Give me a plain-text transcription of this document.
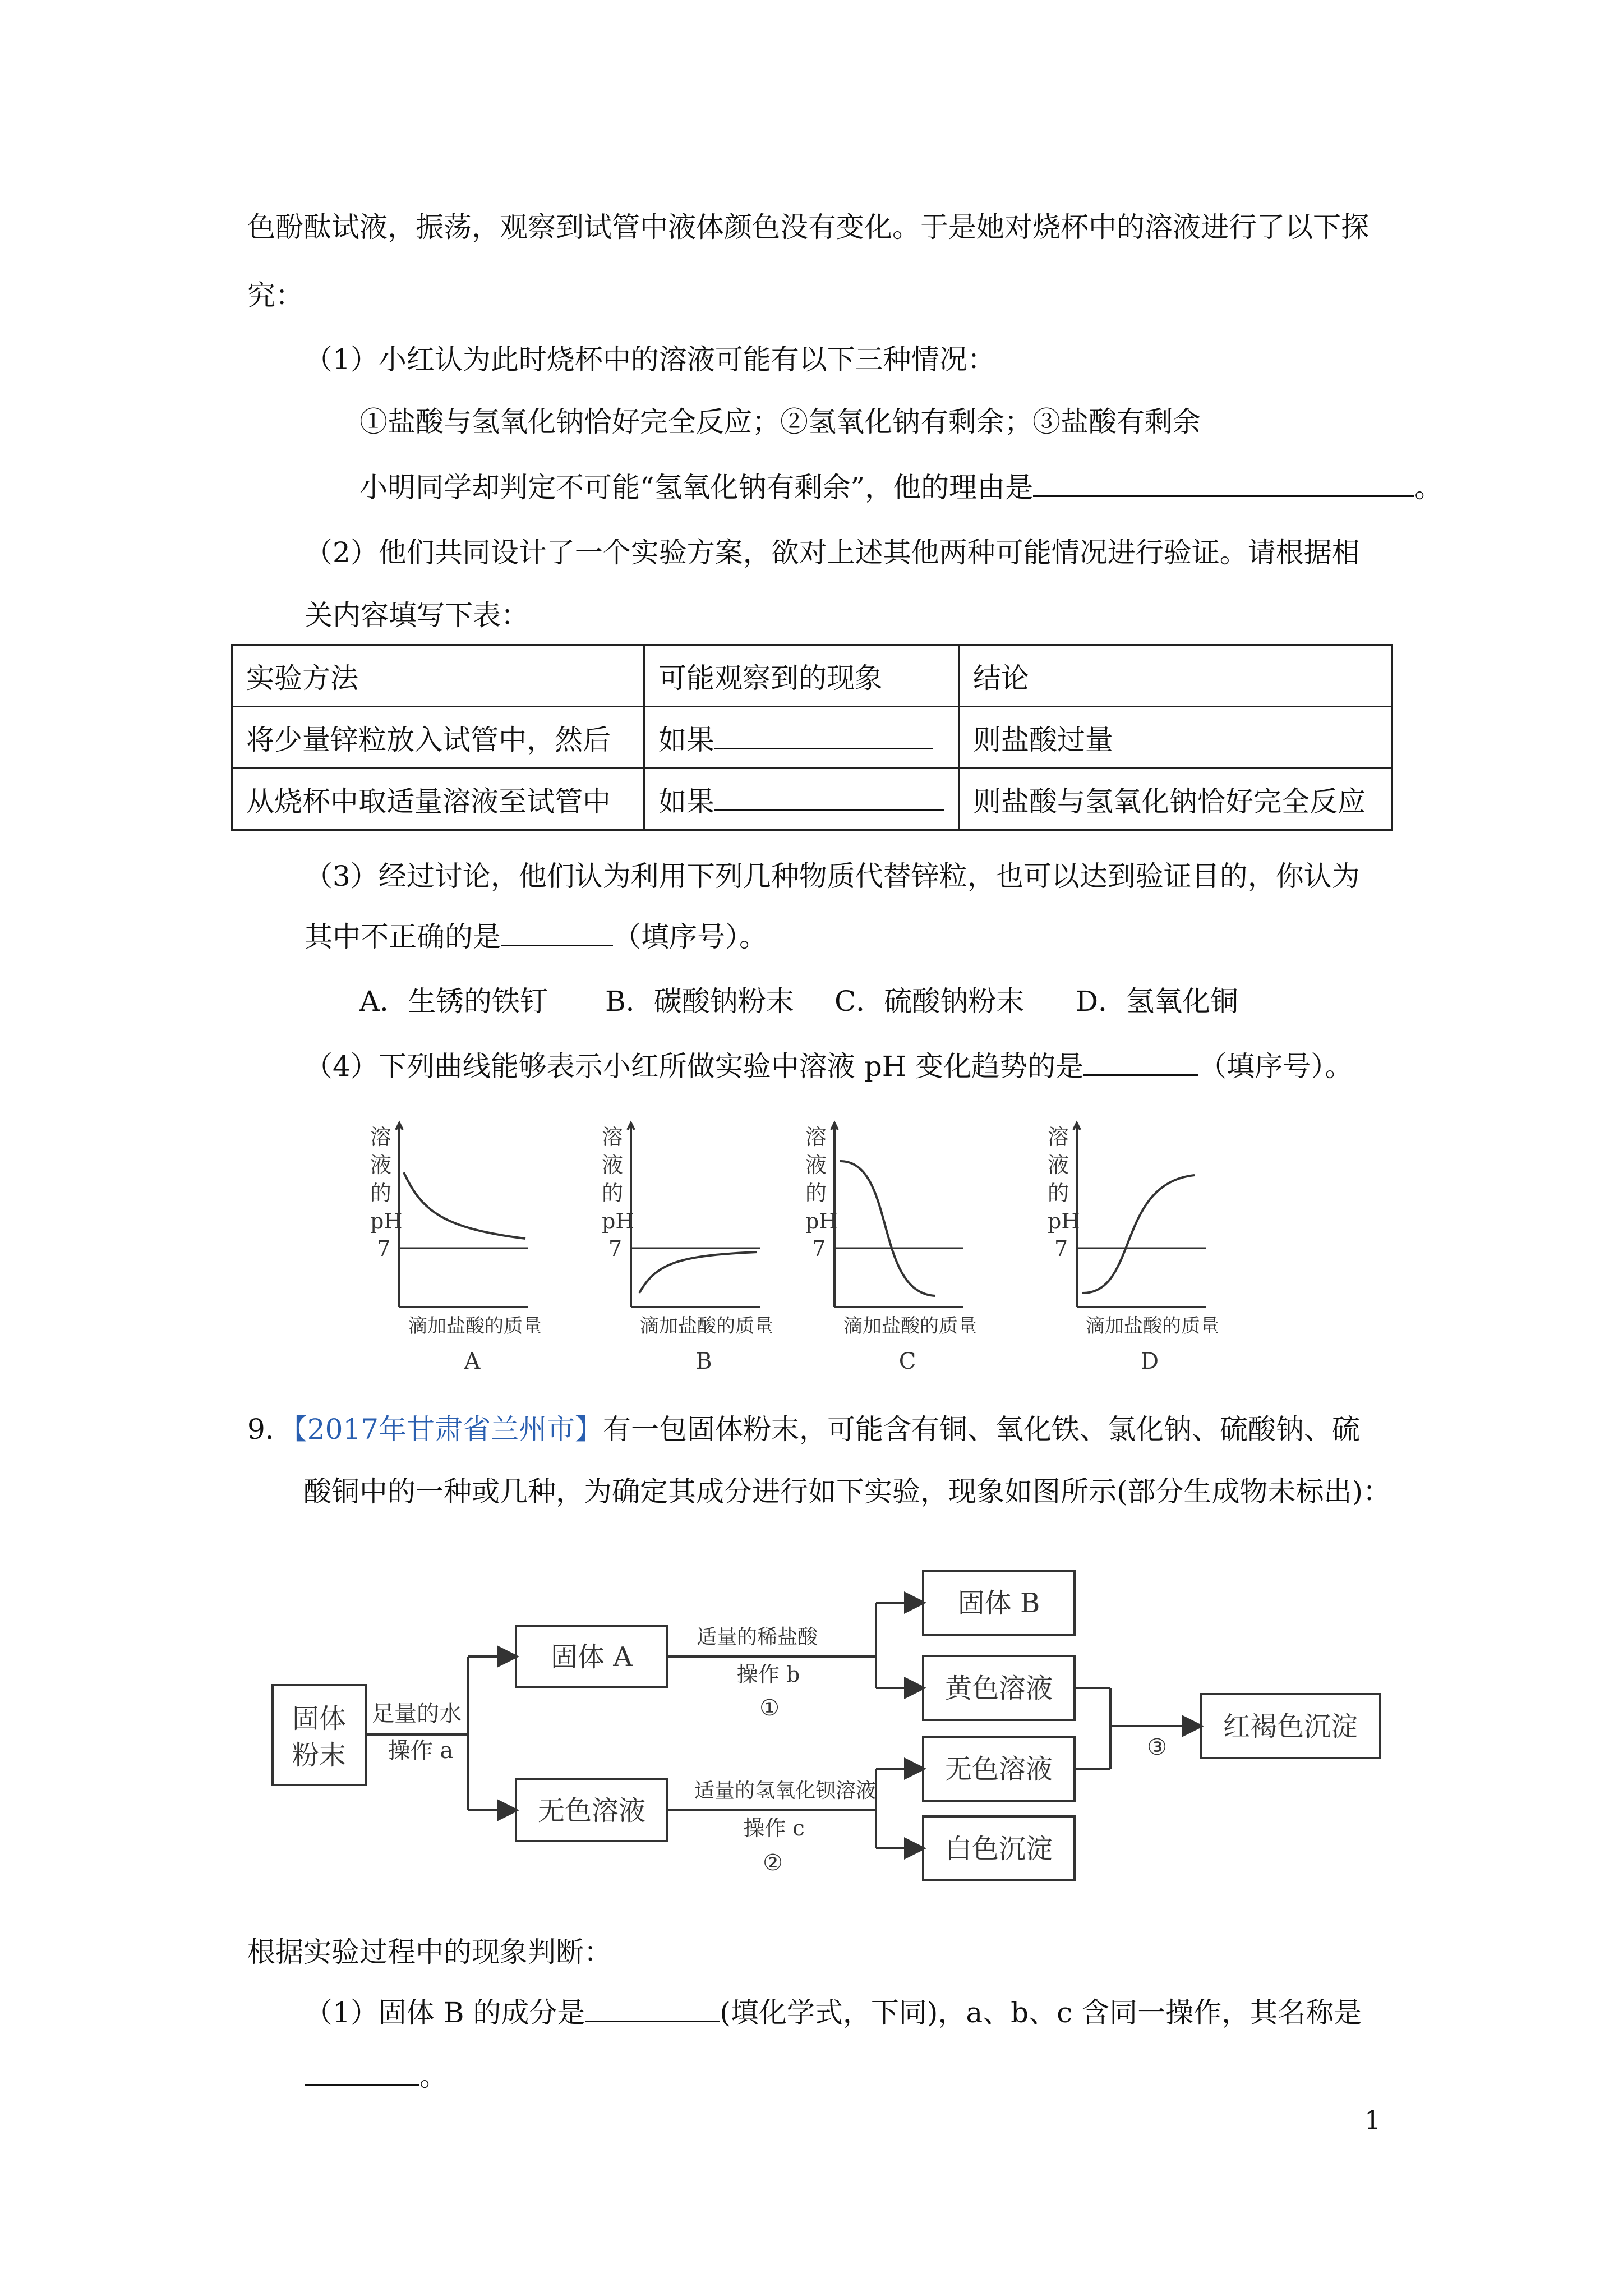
色酚酞试液，振荡，观察到试管中液体颜色没有变化。于是她对烧杯中的溶液进行了以下探
究：
（1）小红认为此时烧杯中的溶液可能有以下三种情况：
①盐酸与氢氧化钠恰好完全反应；②氢氧化钠有剩余；③盐酸有剩余
小明同学却判定不可能“氢氧化钠有剩余”，他的理由是	。
（2）他们共同设计了一个实验方案，欲对上述其他两种可能情况进行验证。请根据相
关内容填写下表：
实验方法	可能观察到的现象	结论
将少量锌粒放入试管中，然后	如果	则盐酸过量
从烧杯中取适量溶液至试管中	如果	则盐酸与氢氧化钠恰好完全反应
（3）经过讨论，他们认为利用下列几种物质代替锌粒，也可以达到验证目的，你认为
其中不正确的是	（填序号）。
A．生锈的铁钉 B．碳酸钠粉末 C．硫酸钠粉末 D．氢氧化铜
（4）下列曲线能够表示小红所做实验中溶液 pH 变化趋势的是	（填序号）。
溶
液
的
pH
7
滴加盐酸的质量
A
溶
液
的
pH
7
滴加盐酸的质量
B
溶
液
的
pH
7
滴加盐酸的质量
C
溶
液
的
pH
7
滴加盐酸的质量
D
9．【2017年甘肃省兰州市】有一包固体粉末，可能含有铜、氧化铁、氯化钠、硫酸钠、硫
酸铜中的一种或几种，为确定其成分进行如下实验，现象如图所示(部分生成物未标出)：
固体
粉末
足量的水
操作 a
固体 A
无色溶液
适量的稀盐酸
操作 b
①
适量的氢氧化钡溶液
操作 c
②
固体 B
黄色溶液
无色溶液
白色沉淀
③
红褐色沉淀
根据实验过程中的现象判断：
（1）固体 B 的成分是	(填化学式，下同)，a、b、c 含同一操作，其名称是
。
1
